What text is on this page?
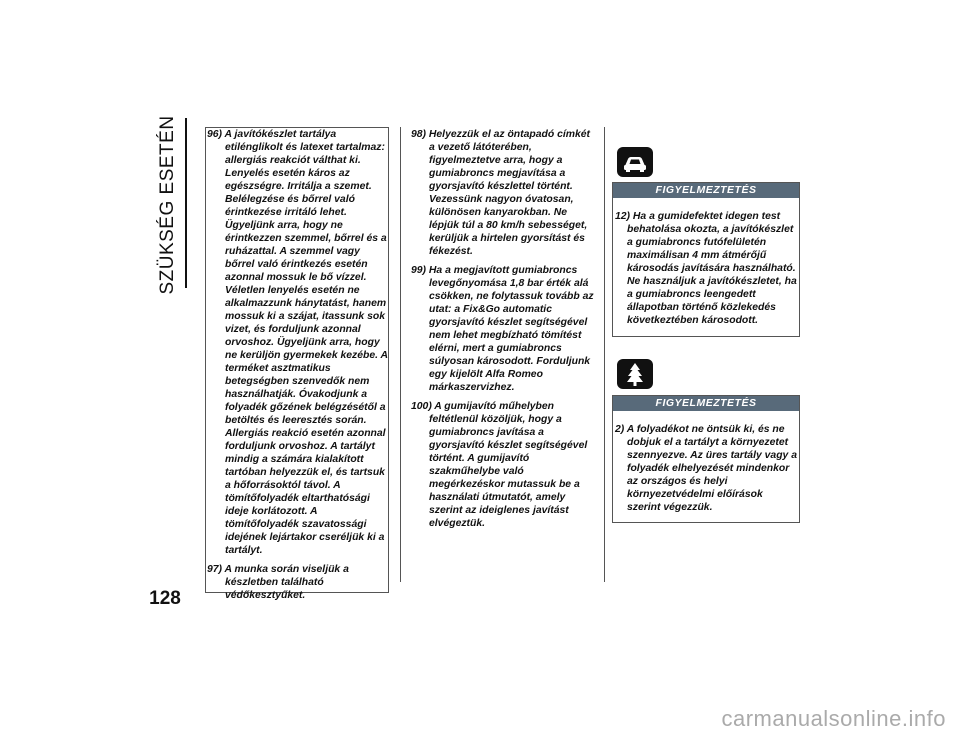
SZÜKSÉG ESETÉN
128

96) A javítókészlet tartálya etilénglikolt és latexet tartalmaz: allergiás reakciót válthat ki. Lenyelés esetén káros az egészségre. Irritálja a szemet. Belélegzése és bőrrel való érintkezése irritáló lehet. Ügyeljünk arra, hogy ne érintkezzen szemmel, bőrrel és a ruházattal. A szemmel vagy bőrrel való érintkezés esetén azonnal mossuk le bő vízzel. Véletlen lenyelés esetén ne alkalmazzunk hánytatást, hanem mossuk ki a szájat, itassunk sok vizet, és forduljunk azonnal orvoshoz. Ügyeljünk arra, hogy ne kerüljön gyermekek kezébe. A terméket asztmatikus betegségben szenvedők nem használhatják. Óvakodjunk a folyadék gőzének belégzésétől a betöltés és leeresztés során. Allergiás reakció esetén azonnal forduljunk orvoshoz. A tartályt mindig a számára kialakított tartóban helyezzük el, és tartsuk a hőforrásoktól távol. A tömítőfolyadék eltarthatósági ideje korlátozott. A tömítőfolyadék szavatossági idejének lejártakor cseréljük ki a tartályt.

97) A munka során viseljük a készletben található védőkesztyűket.

98) Helyezzük el az öntapadó címkét a vezető látóterében, figyelmeztetve arra, hogy a gumiabroncs megjavítása a gyorsjavító készlettel történt. Vezessünk nagyon óvatosan, különösen kanyarokban. Ne lépjük túl a 80 km/h sebességet, kerüljük a hirtelen gyorsítást és fékezést.

99) Ha a megjavított gumiabroncs levegőnyomása 1,8 bar érték alá csökken, ne folytassuk tovább az utat: a Fix&Go automatic gyorsjavító készlet segítségével nem lehet megbízható tömítést elérni, mert a gumiabroncs súlyosan károsodott. Forduljunk egy kijelölt Alfa Romeo márkaszervizhez.

100) A gumijavító műhelyben feltétlenül közöljük, hogy a gumiabroncs javítása a gyorsjavító készlet segítségével történt. A gumijavító szakműhelybe való megérkezéskor mutassuk be a használati útmutatót, amely szerint az ideiglenes javítást elvégeztük.

FIGYELMEZTETÉS

12) Ha a gumidefektet idegen test behatolása okozta, a javítókészlet a gumiabroncs futófelületén maximálisan 4 mm átmérőjű károsodás javítására használható. Ne használjuk a javítókészletet, ha a gumiabroncs leengedett állapotban történő közlekedés következtében károsodott.

FIGYELMEZTETÉS

2) A folyadékot ne öntsük ki, és ne dobjuk el a tartályt a környezetet szennyezve. Az üres tartály vagy a folyadék elhelyezését mindenkor az országos és helyi környezetvédelmi előírások szerint végezzük.

carmanualsonline.info
